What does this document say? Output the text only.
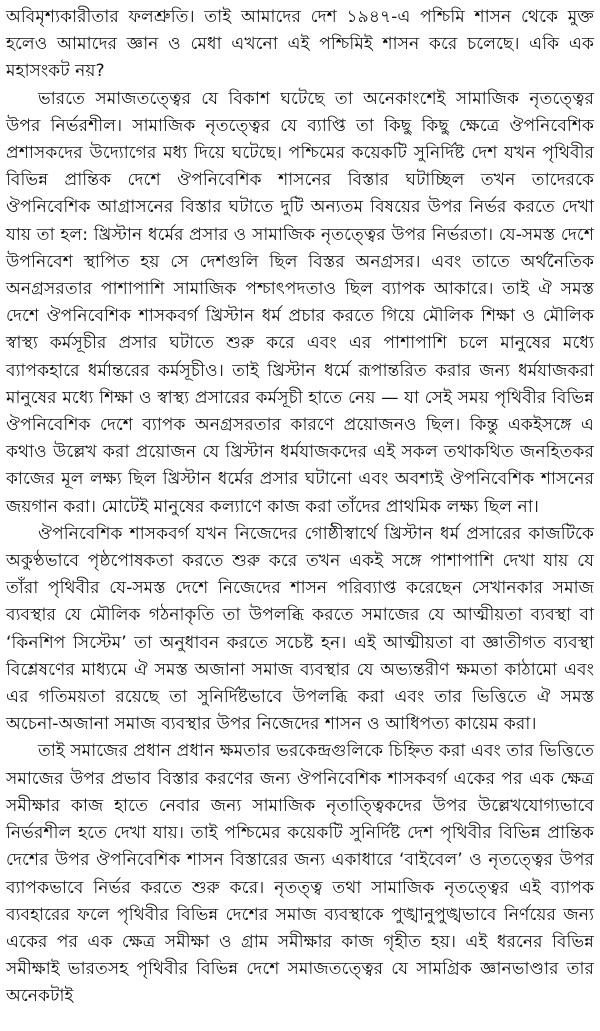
অবিমৃশ্যকারীতার ফলশ্রুতি। তাই আমাদের দেশ ১৯৪৭-এ পশ্চিমি শাসন থেকে মুক্ত হলেও আমাদের জ্ঞান ও মেধা এখনো এই পশ্চিমিই শাসন করে চলেছে। একি এক মহাসংকট নয়?

ভারতে সমাজতত্ত্বের যে বিকাশ ঘটেছে তা অনেকাংশেই সামাজিক নৃতত্ত্বের উপর নির্ভরশীল। সামাজিক নৃতত্ত্বের যে ব্যাপ্তি তা কিছু কিছু ক্ষেত্রে ঔপনিবেশিক প্রশাসকদের উদ্যোগের মধ্য দিয়ে ঘটেছে। পশ্চিমের কয়েকটি সুনির্দিষ্ট দেশ যখন পৃথিবীর বিভিন্ন প্রান্তিক দেশে ঔপনিবেশিক শাসনের বিস্তার ঘটাচ্ছিল তখন তাদেরকে ঔপনিবেশিক আগ্রাসনের বিস্তার ঘটাতে দুটি অন্যতম বিষয়ের উপর নির্ভর করতে দেখা যায় তা হল: খ্রিস্টান ধর্মের প্রসার ও সামাজিক নৃতত্ত্বের উপর নির্ভরতা। যে-সমস্ত দেশে উপনিবেশ স্থাপিত হয় সে দেশগুলি ছিল বিস্তর অনগ্রসর। এবং তাতে অর্থনৈতিক অনগ্রসরতার পাশাপাশি সামাজিক পশ্চাৎপদতাও ছিল ব্যাপক আকারে। তাই ঐ সমস্ত দেশে ঔপনিবেশিক শাসকবর্গ খ্রিস্টান ধর্ম প্রচার করতে গিয়ে মৌলিক শিক্ষা ও মৌলিক স্বাস্থ্য কর্মসূচীর প্রসার ঘটাতে শুরু করে এবং এর পাশাপাশি চলে মানুষের মধ্যে ব্যাপকহারে ধর্মান্তরের কর্মসূচীও। তাই খ্রিস্টান ধর্মে রূপান্তরিত করার জন্য ধর্মযাজকরা মানুষের মধ্যে শিক্ষা ও স্বাস্থ্য প্রসারের কর্মসূচী হাতে নেয় — যা সেই সময় পৃথিবীর বিভিন্ন ঔপনিবেশিক দেশে ব্যাপক অনগ্রসরতার কারণে প্রয়োজনও ছিল। কিন্তু একইসঙ্গে এ কথাও উল্লেখ করা প্রয়োজন যে খ্রিস্টান ধর্মযাজকদের এই সকল তথাকথিত জনহিতকর কাজের মূল লক্ষ্য ছিল খ্রিস্টান ধর্মের প্রসার ঘটানো এবং অবশ্যই ঔপনিবেশিক শাসনের জয়গান করা। মোটেই মানুষের কল্যাণে কাজ করা তাঁদের প্রাথমিক লক্ষ্য ছিল না।

ঔপনিবেশিক শাসকবর্গ যখন নিজেদের গোষ্ঠীস্বার্থে খ্রিস্টান ধর্ম প্রসারের কাজটিকে অকুণ্ঠভাবে পৃষ্ঠপোষকতা করতে শুরু করে তখন একই সঙ্গে পাশাপাশি দেখা যায় যে তাঁরা পৃথিবীর যে-সমস্ত দেশে নিজেদের শাসন পরিব্যাপ্ত করেছেন সেখানকার সমাজ ব্যবস্থার যে মৌলিক গঠনাকৃতি তা উপলব্ধি করতে সমাজের যে আত্মীয়তা ব্যবস্থা বা ‘কিনশিপ সিস্টেম’ তা অনুধাবন করতে সচেষ্ট হন। এই আত্মীয়তা বা জ্ঞাতীগত ব্যবস্থা বিশ্লেষণের মাধ্যমে ঐ সমস্ত অজানা সমাজ ব্যবস্থার যে অভ্যন্তরীণ ক্ষমতা কাঠামো এবং এর গতিময়তা রয়েছে তা সুনির্দিষ্টভাবে উপলব্ধি করা এবং তার ভিত্তিতে ঐ সমস্ত অচেনা-অজানা সমাজ ব্যবস্থার উপর নিজেদের শাসন ও আধিপত্য কায়েম করা।

তাই সমাজের প্রধান প্রধান ক্ষমতার ভরকেন্দ্রগুলিকে চিহ্নিত করা এবং তার ভিত্তিতে সমাজের উপর প্রভাব বিস্তার করণের জন্য ঔপনিবেশিক শাসকবর্গ একের পর এক ক্ষেত্র সমীক্ষার কাজ হাতে নেবার জন্য সামাজিক নৃতাত্ত্বিকদের উপর উল্লেখযোগ্যভাবে নির্ভরশীল হতে দেখা যায়। তাই পশ্চিমের কয়েকটি সুনির্দিষ্ট দেশ পৃথিবীর বিভিন্ন প্রান্তিক দেশের উপর ঔপনিবেশিক শাসন বিস্তারের জন্য একাধারে ‘বাইবেল’ ও নৃতত্ত্বের উপর ব্যাপকভাবে নির্ভর করতে শুরু করে। নৃতত্ত্ব তথা সামাজিক নৃতত্ত্বের এই ব্যাপক ব্যবহারের ফলে পৃথিবীর বিভিন্ন দেশের সমাজ ব্যবস্থাকে পুঙ্খানুপুঙ্খভাবে নির্ণয়ের জন্য একের পর এক ক্ষেত্র সমীক্ষা ও গ্রাম সমীক্ষার কাজ গৃহীত হয়। এই ধরনের বিভিন্ন সমীক্ষাই ভারতসহ পৃথিবীর বিভিন্ন দেশে সমাজতত্ত্বের যে সামগ্রিক জ্ঞানভাণ্ডার তার অনেকটাই
